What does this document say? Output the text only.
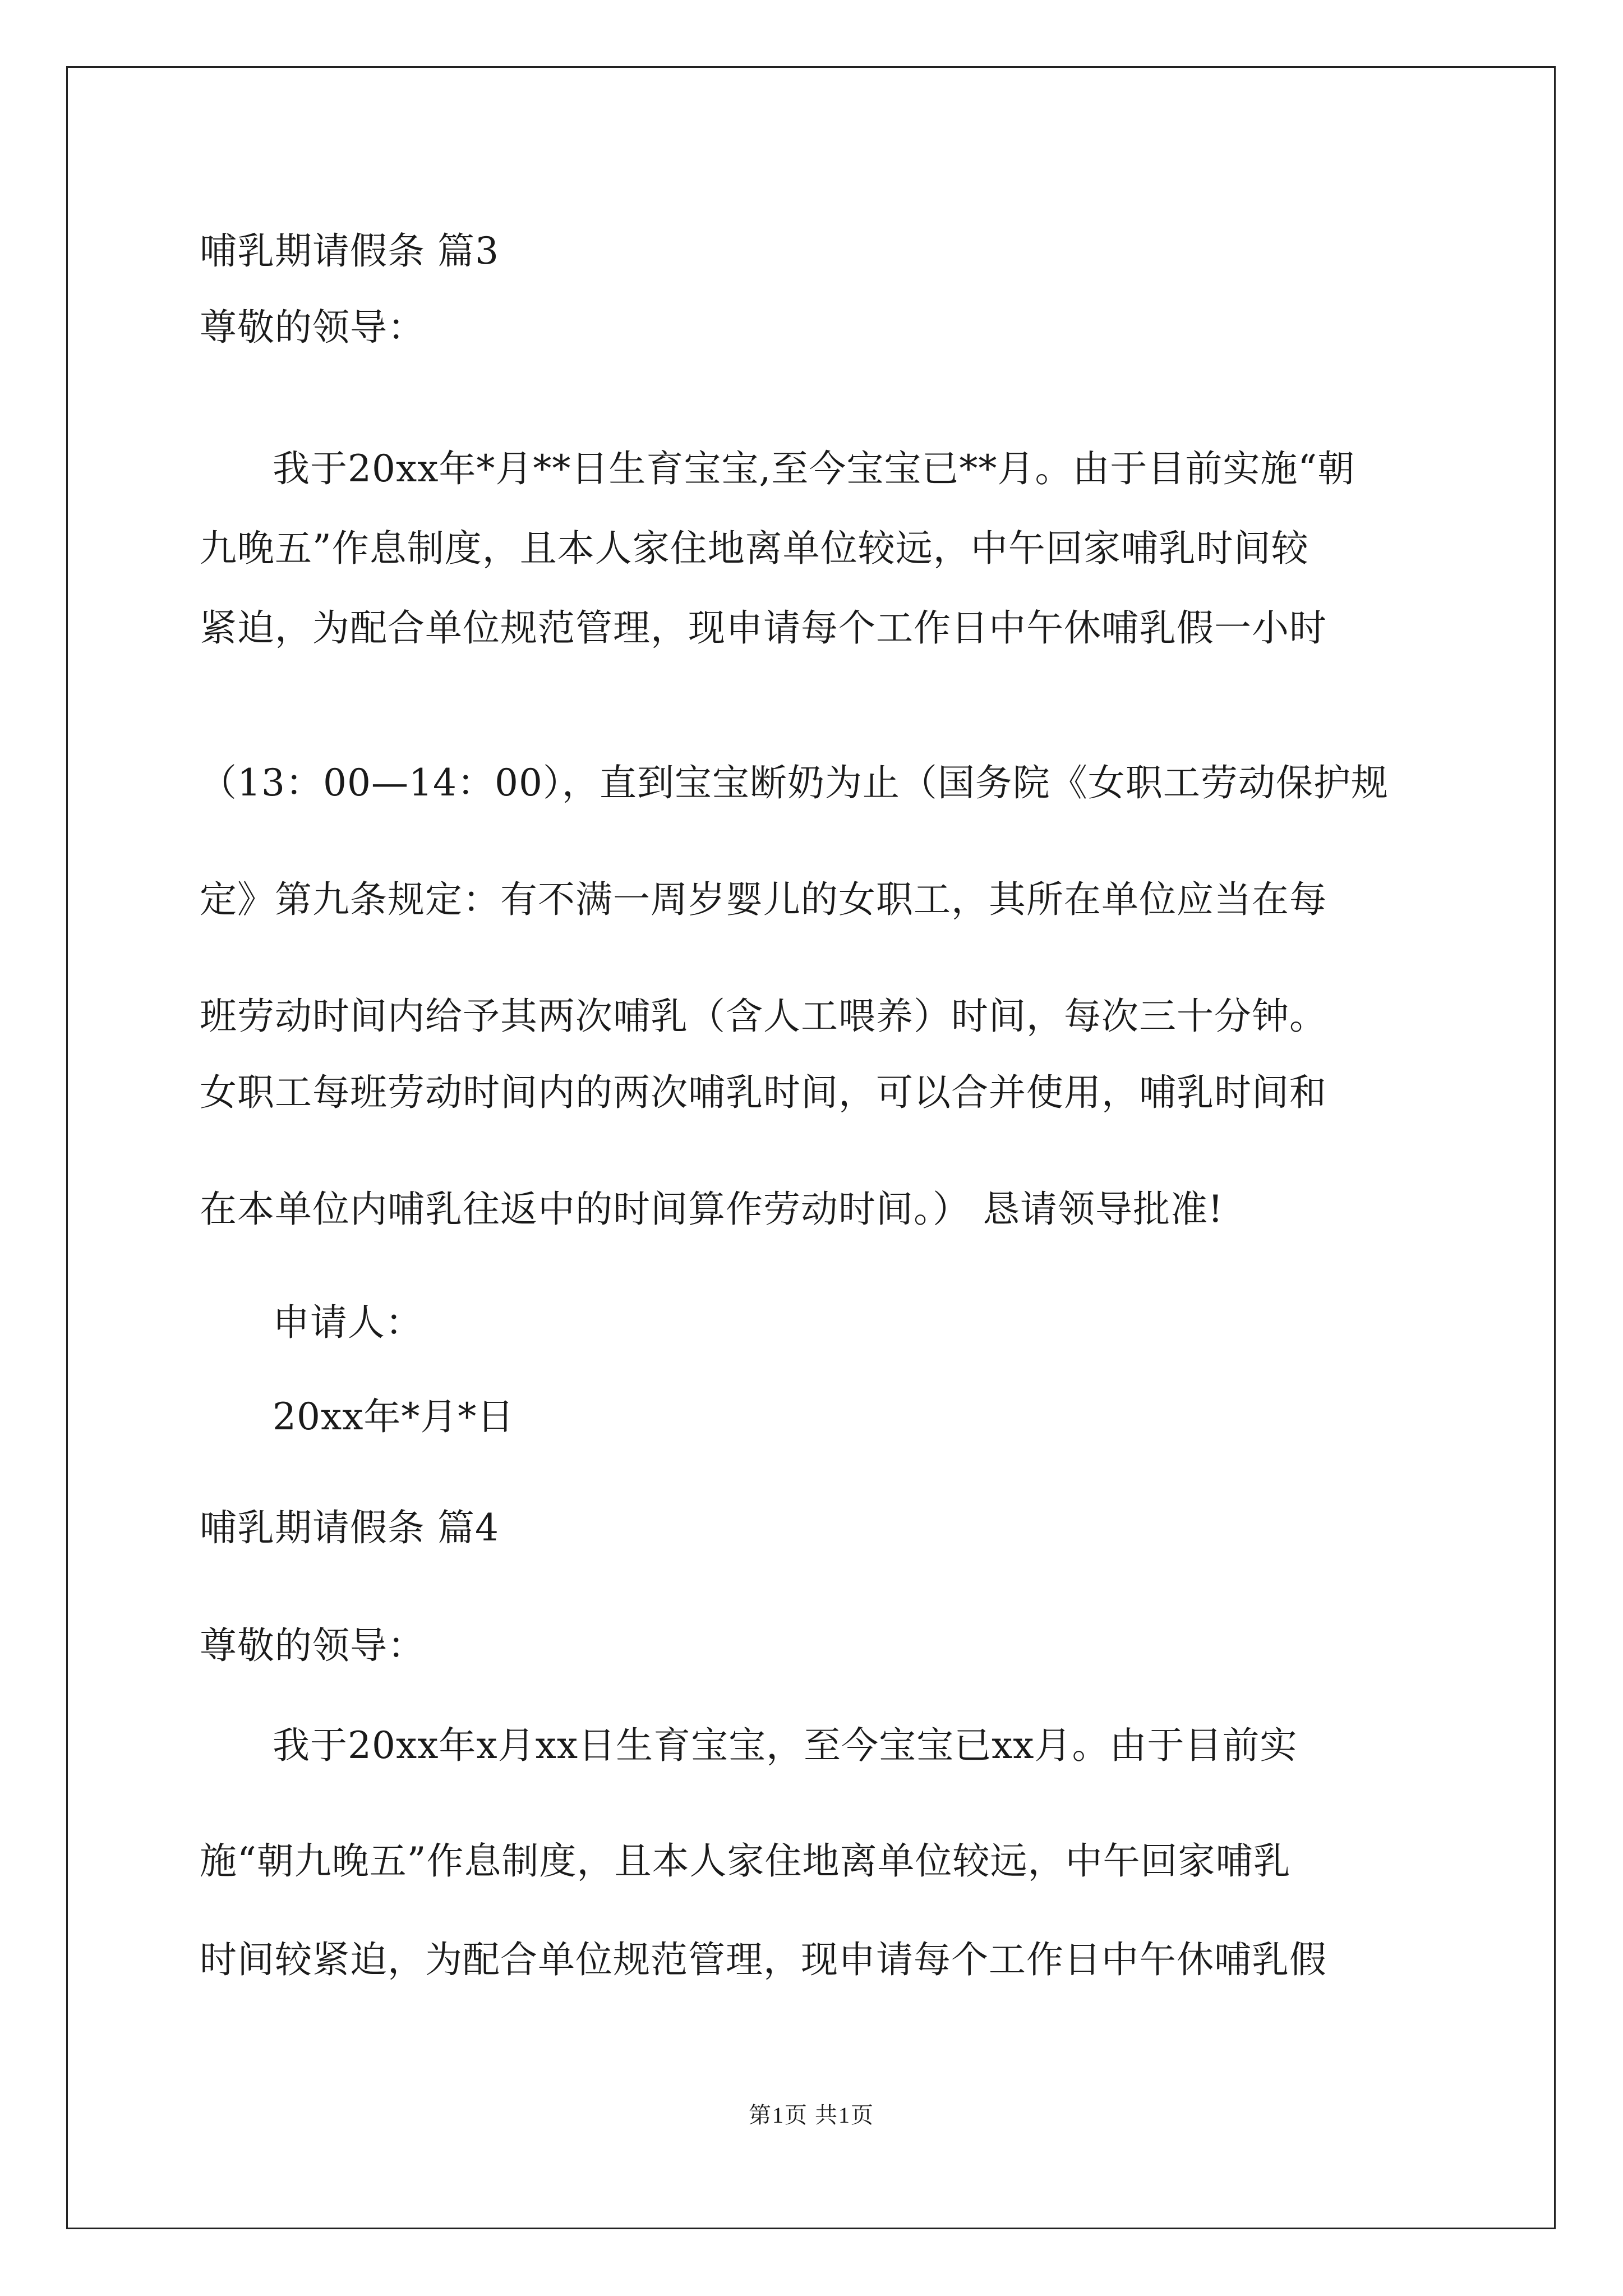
哺乳期请假条 篇3
尊敬的领导：
我于20xx年*月**日生育宝宝,至今宝宝已**月。由于目前实施“朝
九晚五”作息制度，且本人家住地离单位较远，中午回家哺乳时间较
紧迫，为配合单位规范管理，现申请每个工作日中午休哺乳假一小时
（13：00—14：00），直到宝宝断奶为止（国务院《女职工劳动保护规
定》第九条规定：有不满一周岁婴儿的女职工，其所在单位应当在每
班劳动时间内给予其两次哺乳（含人工喂养）时间，每次三十分钟。
女职工每班劳动时间内的两次哺乳时间，可以合并使用，哺乳时间和
在本单位内哺乳往返中的时间算作劳动时间。） 恳请领导批准!
申请人：
20xx年*月*日
哺乳期请假条 篇4
尊敬的领导：
我于20xx年x月xx日生育宝宝，至今宝宝已xx月。由于目前实
施“朝九晚五”作息制度，且本人家住地离单位较远，中午回家哺乳
时间较紧迫，为配合单位规范管理，现申请每个工作日中午休哺乳假
第1页 共1页
